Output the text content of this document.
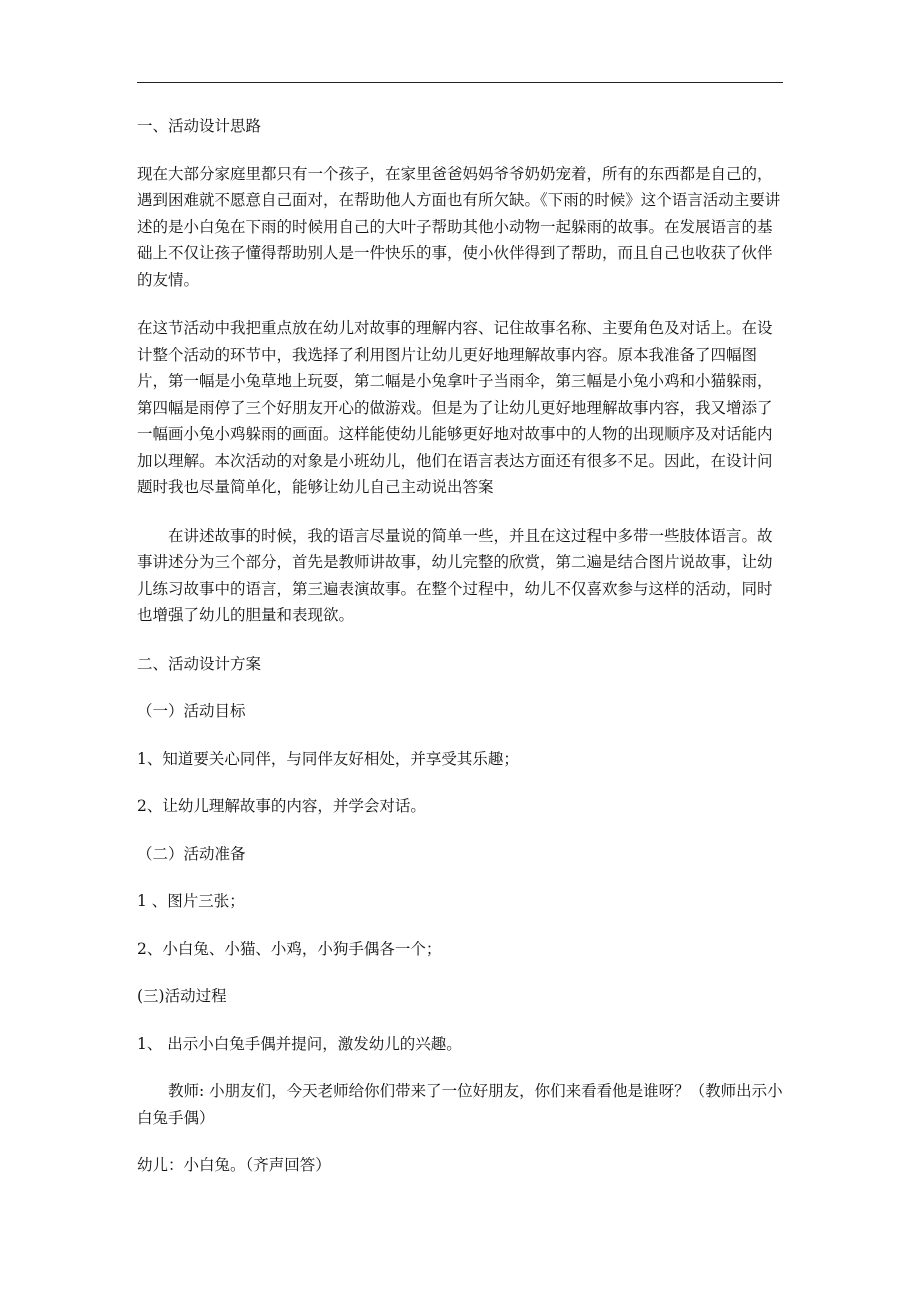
一、活动设计思路

现在大部分家庭里都只有一个孩子，在家里爸爸妈妈爷爷奶奶宠着，所有的东西都是自己的，遇到困难就不愿意自己面对，在帮助他人方面也有所欠缺。《下雨的时候》这个语言活动主要讲述的是小白兔在下雨的时候用自己的大叶子帮助其他小动物一起躲雨的故事。在发展语言的基础上不仅让孩子懂得帮助别人是一件快乐的事，使小伙伴得到了帮助，而且自己也收获了伙伴的友情。

在这节活动中我把重点放在幼儿对故事的理解内容、记住故事名称、主要角色及对话上。在设计整个活动的环节中，我选择了利用图片让幼儿更好地理解故事内容。原本我准备了四幅图片，第一幅是小兔草地上玩耍，第二幅是小兔拿叶子当雨伞，第三幅是小兔小鸡和小猫躲雨，第四幅是雨停了三个好朋友开心的做游戏。但是为了让幼儿更好地理解故事内容，我又增添了一幅画小兔小鸡躲雨的画面。这样能使幼儿能够更好地对故事中的人物的出现顺序及对话能内加以理解。本次活动的对象是小班幼儿，他们在语言表达方面还有很多不足。因此，在设计问题时我也尽量简单化，能够让幼儿自己主动说出答案

在讲述故事的时候，我的语言尽量说的简单一些，并且在这过程中多带一些肢体语言。故事讲述分为三个部分，首先是教师讲故事，幼儿完整的欣赏，第二遍是结合图片说故事，让幼儿练习故事中的语言，第三遍表演故事。在整个过程中，幼儿不仅喜欢参与这样的活动，同时也增强了幼儿的胆量和表现欲。

二、活动设计方案

（一）活动目标

1、知道要关心同伴，与同伴友好相处，并享受其乐趣；

2、让幼儿理解故事的内容，并学会对话。

（二）活动准备

1 、图片三张；

2、小白兔、小猫、小鸡，小狗手偶各一个；

(三)活动过程

1、 出示小白兔手偶并提问，激发幼儿的兴趣。

教师: 小朋友们，今天老师给你们带来了一位好朋友，你们来看看他是谁呀？（教师出示小白兔手偶）

幼儿：小白兔。（齐声回答）
